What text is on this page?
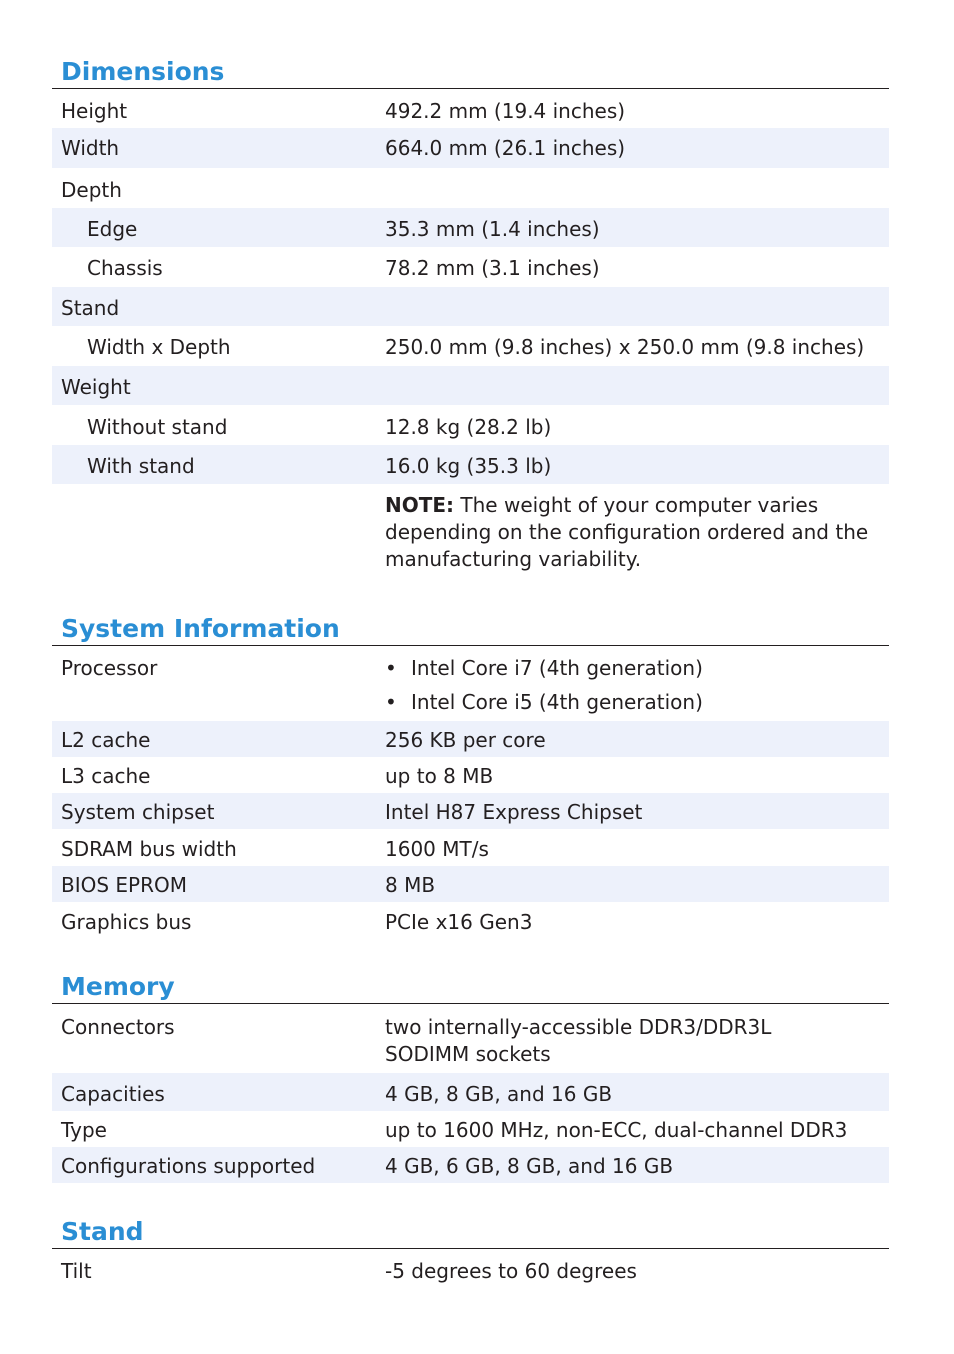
Dimensions
Height	492.2 mm (19.4 inches)
Width	664.0 mm (26.1 inches)
Depth
Edge	35.3 mm (1.4 inches)
Chassis	78.2 mm (3.1 inches)
Stand
Width x Depth	250.0 mm (9.8 inches) x 250.0 mm (9.8 inches)
Weight
Without stand	12.8 kg (28.2 lb)
With stand	16.0 kg (35.3 lb)
NOTE: The weight of your computer varies depending on the configuration ordered and the manufacturing variability.
System Information
Processor	• Intel Core i7 (4th generation)
• Intel Core i5 (4th generation)
L2 cache	256 KB per core
L3 cache	up to 8 MB
System chipset	Intel H87 Express Chipset
SDRAM bus width	1600 MT/s
BIOS EPROM	8 MB
Graphics bus	PCIe x16 Gen3
Memory
Connectors	two internally-accessible DDR3/DDR3L SODIMM sockets
Capacities	4 GB, 8 GB, and 16 GB
Type	up to 1600 MHz, non-ECC, dual-channel DDR3
Configurations supported	4 GB, 6 GB, 8 GB, and 16 GB
Stand
Tilt	-5 degrees to 60 degrees
